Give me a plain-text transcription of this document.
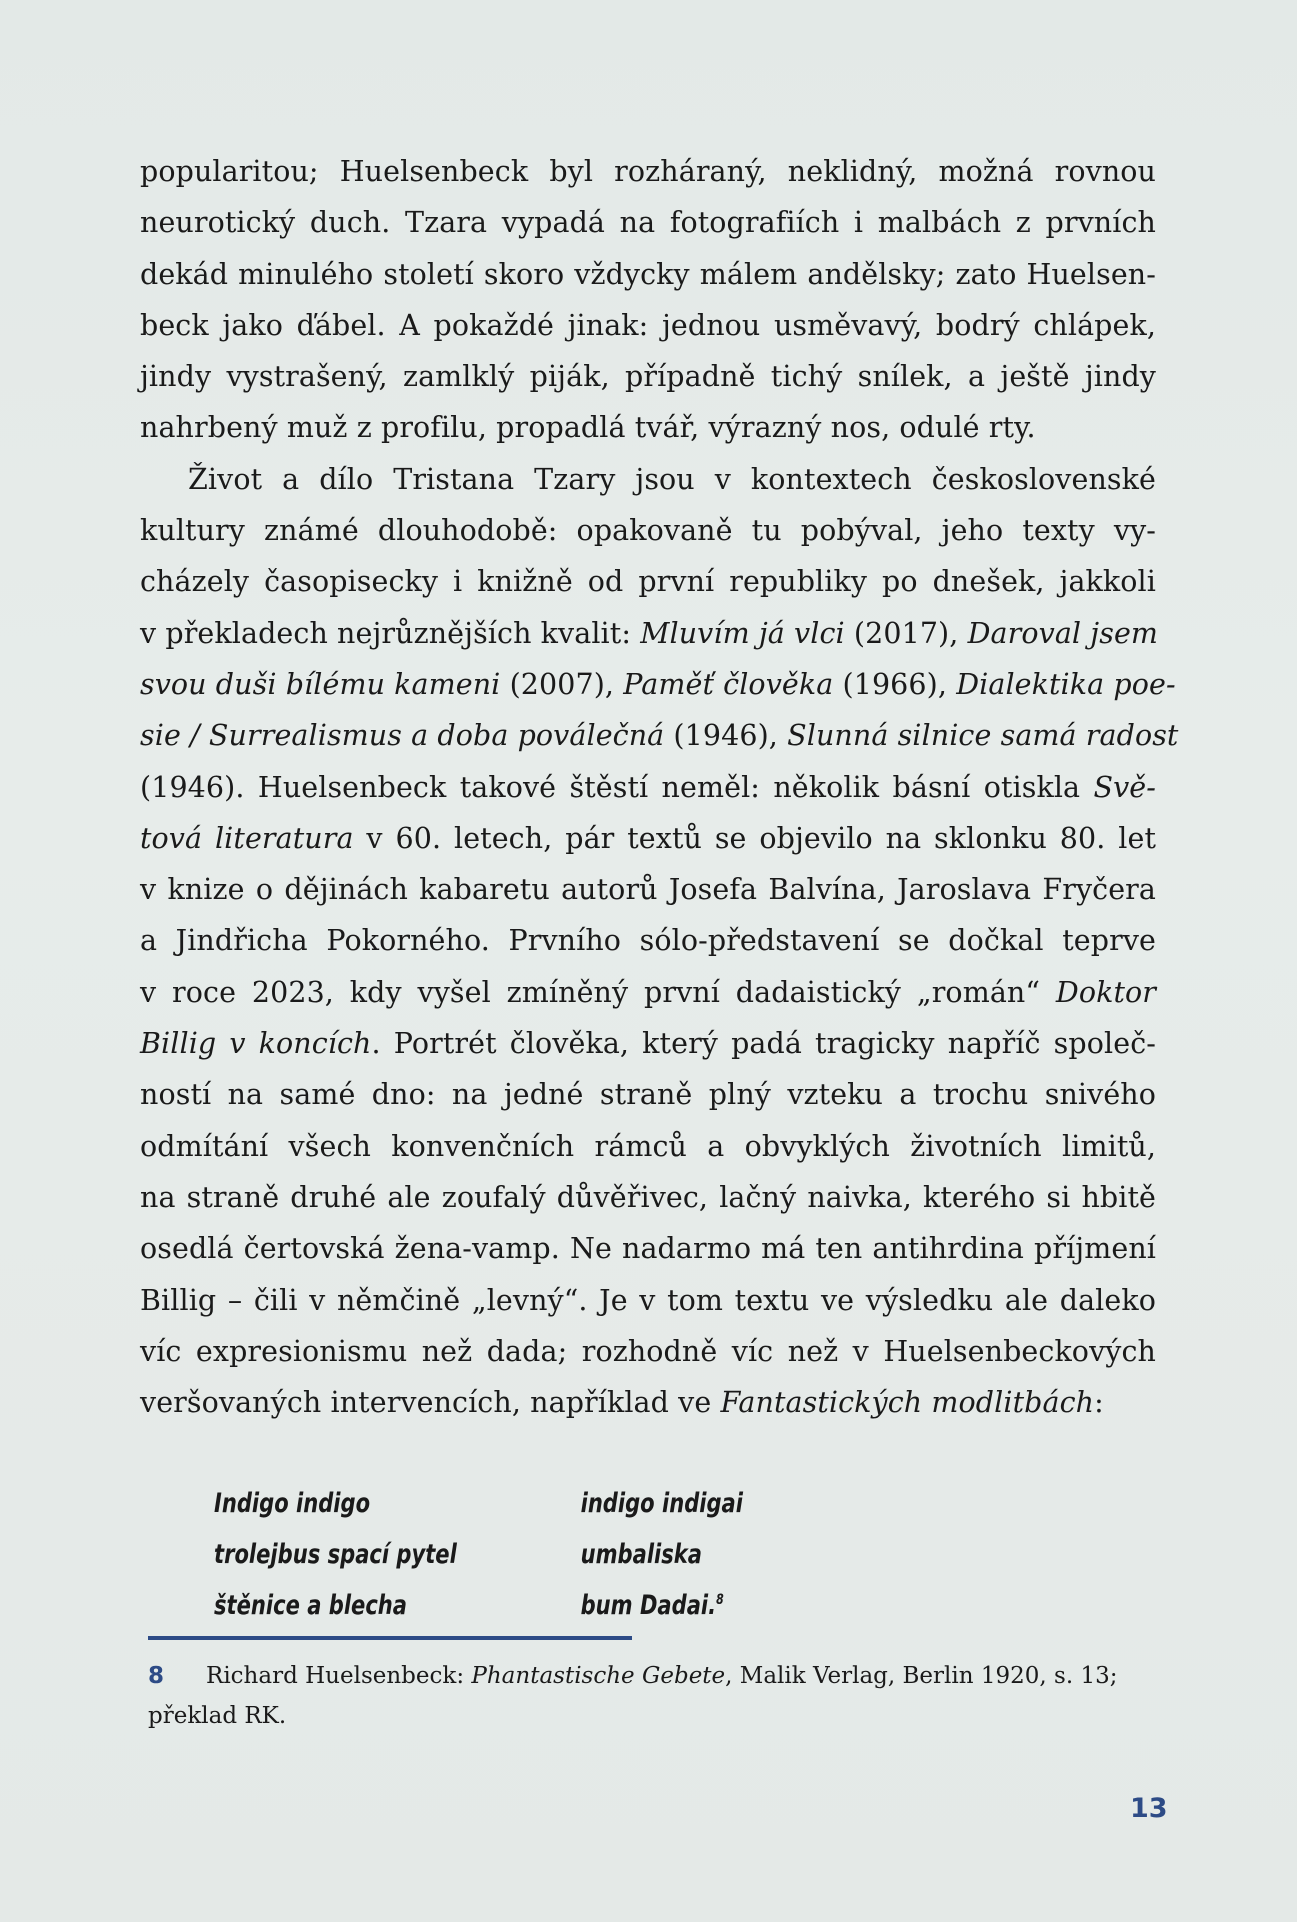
popularitou; Huelsenbeck byl rozháraný, neklidný, možná rovnou
neurotický duch. Tzara vypadá na fotografiích i malbách z prvních
dekád minulého století skoro vždycky málem andělsky; zato Huelsen-
beck jako ďábel. A pokaždé jinak: jednou usměvavý, bodrý chlápek,
jindy vystrašený, zamlklý piják, případně tichý snílek, a ještě jindy
nahrbený muž z profilu, propadlá tvář, výrazný nos, odulé rty.
Život a dílo Tristana Tzary jsou v kontextech československé
kultury známé dlouhodobě: opakovaně tu pobýval, jeho texty vy-
cházely časopisecky i knižně od první republiky po dnešek, jakkoli
v překladech nejrůznějších kvalit: Mluvím já vlci (2017), Daroval jsem
svou duši bílému kameni (2007), Paměť člověka (1966), Dialektika poe-
sie / Surrealismus a doba poválečná (1946), Slunná silnice samá radost
(1946). Huelsenbeck takové štěstí neměl: několik básní otiskla Svě-
tová literatura v 60. letech, pár textů se objevilo na sklonku 80. let
v knize o dějinách kabaretu autorů Josefa Balvína, Jaroslava Fryčera
a Jindřicha Pokorného. Prvního sólo-představení se dočkal teprve
v roce 2023, kdy vyšel zmíněný první dadaistický „román“ Doktor
Billig v koncích. Portrét člověka, který padá tragicky napříč společ-
ností na samé dno: na jedné straně plný vzteku a trochu snivého
odmítání všech konvenčních rámců a obvyklých životních limitů,
na straně druhé ale zoufalý důvěřivec, lačný naivka, kterého si hbitě
osedlá čertovská žena-vamp. Ne nadarmo má ten antihrdina příjmení
Billig – čili v němčině „levný“. Je v tom textu ve výsledku ale daleko
víc expresionismu než dada; rozhodně víc než v Huelsenbeckových
veršovaných intervencích, například ve Fantastických modlitbách:
Indigo indigo
trolejbus spací pytel
štěnice a blecha
indigo indigai
umbaliska
bum Dadai.$^8$
8 Richard Huelsenbeck: Phantastische Gebete, Malik Verlag, Berlin 1920, s. 13;
překlad RK.
13
